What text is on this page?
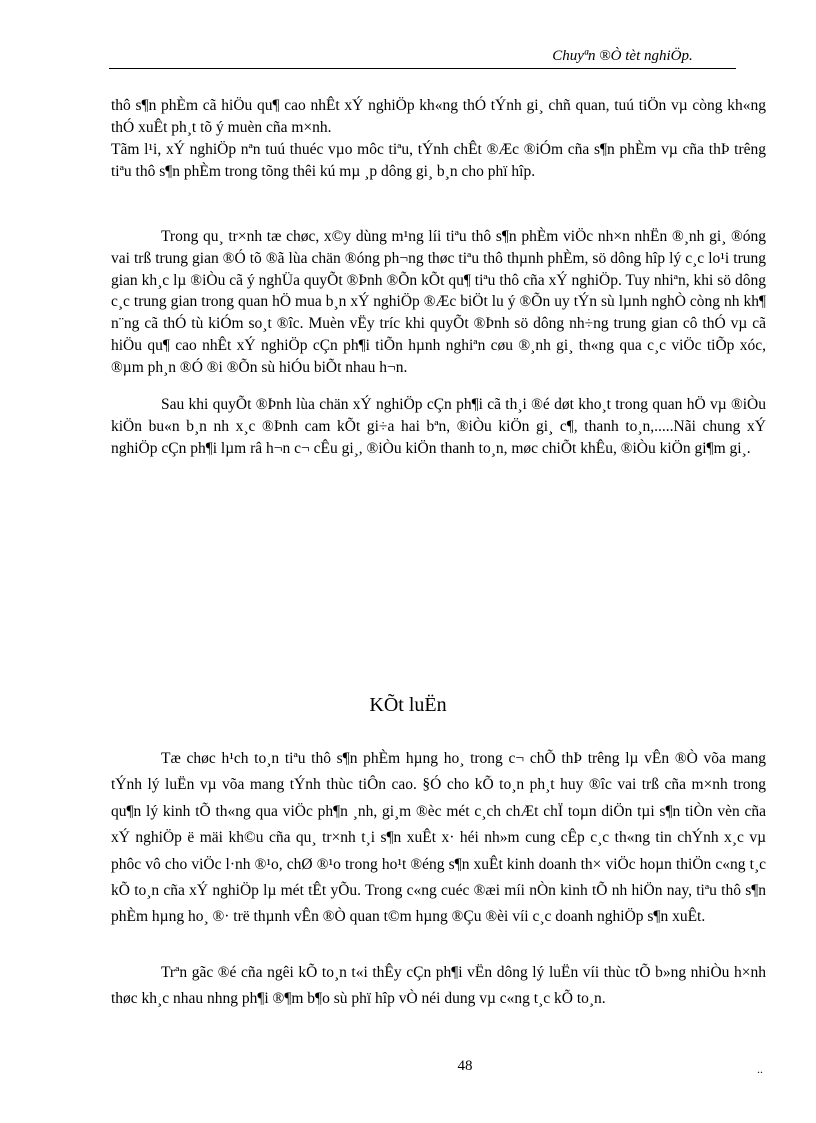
Chuyªn ®Ò tèt nghiÖp.

thô s¶n phÈm cã hiÖu qu¶ cao nhÊt xÝ nghiÖp kh«ng thÓ tÝnh gi¸ chñ quan, tuú tiÖn vµ còng kh«ng thÓ xuÊt ph¸t tõ ý muèn cña m×nh.

Tãm l¹i, xÝ nghiÖp nªn tuú thuéc vµo môc tiªu, tÝnh chÊt ®Æc ®iÓm cña s¶n phÈm vµ cña thÞ trêng tiªu thô s¶n phÈm trong tõng thêi kú mµ ¸p dông gi¸ b¸n cho phï hîp.

Trong qu¸ tr×nh tæ chøc, x©y dùng m¹ng líi tiªu thô s¶n phÈm viÖc nh×n nhËn ®¸nh gi¸ ®óng vai trß trung gian ®Ó tõ ®ã lùa chän ®óng ph¬ng thøc tiªu thô thµnh phÈm, sö dông hîp lý c¸c lo¹i trung gian kh¸c lµ ®iÒu cã ý nghÜa quyÕt ®Þnh ®Õn kÕt qu¶ tiªu thô cña xÝ nghiÖp. Tuy nhiªn, khi sö dông c¸c trung gian trong quan hÖ mua b¸n xÝ nghiÖp ®Æc biÖt lu ý ®Õn uy tÝn sù lµnh nghÒ còng nh kh¶ n¨ng cã thÓ tù kiÓm so¸t ®îc. Muèn vËy tríc khi quyÕt ®Þnh sö dông nh÷ng trung gian cô thÓ vµ cã hiÖu qu¶ cao nhÊt xÝ nghiÖp cÇn ph¶i tiÕn hµnh nghiªn cøu ®¸nh gi¸ th«ng qua c¸c viÖc tiÕp xóc, ®µm ph¸n ®Ó ®i ®Õn sù hiÓu biÕt nhau h¬n.

Sau khi quyÕt ®Þnh lùa chän xÝ nghiÖp cÇn ph¶i cã th¸i ®é døt kho¸t trong quan hÖ vµ ®iÒu kiÖn bu«n b¸n nh x¸c ®Þnh cam kÕt gi÷a hai bªn, ®iÒu kiÖn gi¸ c¶, thanh to¸n,.....Nãi chung xÝ nghiÖp cÇn ph¶i lµm râ h¬n c¬ cÊu gi¸, ®iÒu kiÖn thanh to¸n, møc chiÕt khÊu, ®iÒu kiÖn gi¶m gi¸.

KÕt luËn

Tæ chøc h¹ch to¸n tiªu thô s¶n phÈm hµng ho¸ trong c¬ chÕ thÞ trêng lµ vÊn ®Ò võa mang tÝnh lý luËn vµ võa mang tÝnh thùc tiÔn cao. §Ó cho kÕ to¸n ph¸t huy ®îc vai trß cña m×nh trong qu¶n lý kinh tÕ th«ng qua viÖc ph¶n ¸nh, gi¸m ®èc mét c¸ch chÆt chÏ toµn diÖn tµi s¶n tiÒn vèn cña xÝ nghiÖp ë mäi kh©u cña qu¸ tr×nh t¸i s¶n xuÊt x· héi nh»m cung cÊp c¸c th«ng tin chÝnh x¸c vµ phôc vô cho viÖc l·nh ®¹o, chØ ®¹o trong ho¹t ®éng s¶n xuÊt kinh doanh th× viÖc hoµn thiÖn c«ng t¸c kÕ to¸n cña xÝ nghiÖp lµ mét tÊt yÕu. Trong c«ng cuéc ®æi míi nÒn kinh tÕ nh hiÖn nay, tiªu thô s¶n phÈm hµng ho¸ ®· trë thµnh vÊn ®Ò quan t©m hµng ®Çu ®èi víi c¸c doanh nghiÖp s¶n xuÊt.

Trªn gãc ®é cña ngêi kÕ to¸n t«i thÊy cÇn ph¶i vËn dông lý luËn víi thùc tÕ b»ng nhiÒu h×nh thøc kh¸c nhau nhng ph¶i ®¶m b¶o sù phï hîp vÒ néi dung vµ c«ng t¸c kÕ to¸n.

48	..
